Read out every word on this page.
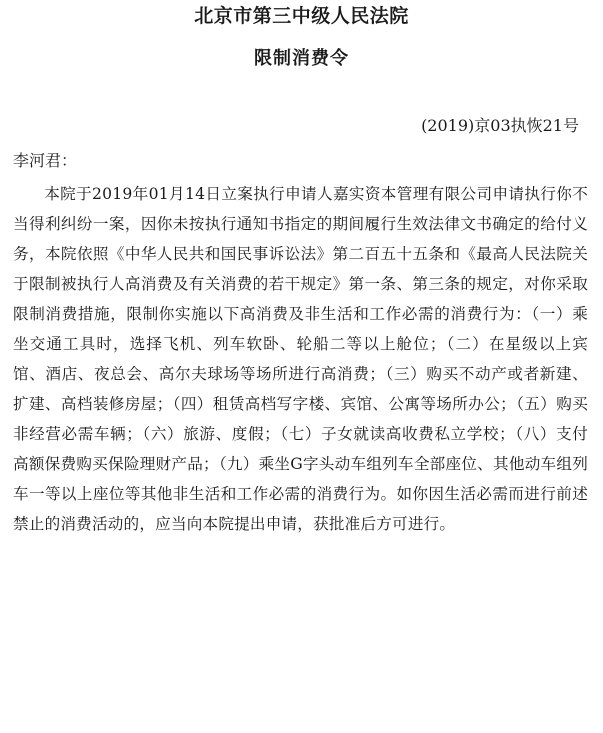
北京市第三中级人民法院
限制消费令
(2019)京03执恢21号
李河君：

本院于2019年01月14日立案执行申请人嘉实资本管理有限公司申请执行你不当得利纠纷一案，因你未按执行通知书指定的期间履行生效法律文书确定的给付义务，本院依照《中华人民共和国民事诉讼法》第二百五十五条和《最高人民法院关于限制被执行人高消费及有关消费的若干规定》第一条、第三条的规定，对你采取限制消费措施，限制你实施以下高消费及非生活和工作必需的消费行为：（一）乘坐交通工具时，选择飞机、列车软卧、轮船二等以上舱位；（二）在星级以上宾馆、酒店、夜总会、高尔夫球场等场所进行高消费；（三）购买不动产或者新建、扩建、高档装修房屋；（四）租赁高档写字楼、宾馆、公寓等场所办公；（五）购买非经营必需车辆；（六）旅游、度假；（七）子女就读高收费私立学校；（八）支付高额保费购买保险理财产品；（九）乘坐G字头动车组列车全部座位、其他动车组列车一等以上座位等其他非生活和工作必需的消费行为。如你因生活必需而进行前述禁止的消费活动的，应当向本院提出申请，获批准后方可进行。
